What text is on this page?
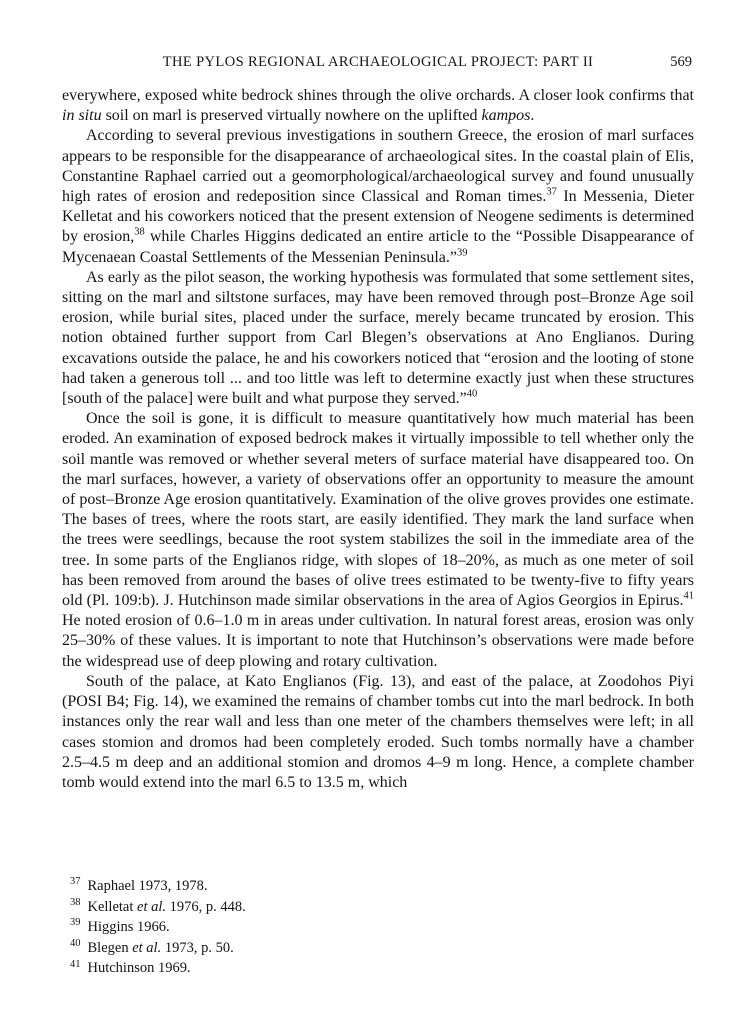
THE PYLOS REGIONAL ARCHAEOLOGICAL PROJECT: PART II	569

everywhere, exposed white bedrock shines through the olive orchards. A closer look confirms that in situ soil on marl is preserved virtually nowhere on the uplifted kampos.

According to several previous investigations in southern Greece, the erosion of marl surfaces appears to be responsible for the disappearance of archaeological sites. In the coastal plain of Elis, Constantine Raphael carried out a geomorphological/archaeological survey and found unusually high rates of erosion and redeposition since Classical and Roman times.$^{37}$ In Messenia, Dieter Kelletat and his coworkers noticed that the present extension of Neogene sediments is determined by erosion,$^{38}$ while Charles Higgins dedicated an entire article to the “Possible Disappearance of Mycenaean Coastal Settlements of the Messenian Peninsula.”$^{39}$

As early as the pilot season, the working hypothesis was formulated that some settlement sites, sitting on the marl and siltstone surfaces, may have been removed through post–Bronze Age soil erosion, while burial sites, placed under the surface, merely became truncated by erosion. This notion obtained further support from Carl Blegen’s observations at Ano Englianos. During excavations outside the palace, he and his coworkers noticed that “erosion and the looting of stone had taken a generous toll ... and too little was left to determine exactly just when these structures [south of the palace] were built and what purpose they served.”$^{40}$

Once the soil is gone, it is difficult to measure quantitatively how much material has been eroded. An examination of exposed bedrock makes it virtually impossible to tell whether only the soil mantle was removed or whether several meters of surface material have disappeared too. On the marl surfaces, however, a variety of observations offer an opportunity to measure the amount of post–Bronze Age erosion quantitatively. Examination of the olive groves provides one estimate. The bases of trees, where the roots start, are easily identified. They mark the land surface when the trees were seedlings, because the root system stabilizes the soil in the immediate area of the tree. In some parts of the Englianos ridge, with slopes of 18–20%, as much as one meter of soil has been removed from around the bases of olive trees estimated to be twenty-five to fifty years old (Pl. 109:b). J. Hutchinson made similar observations in the area of Agios Georgios in Epirus.$^{41}$ He noted erosion of 0.6–1.0 m in areas under cultivation. In natural forest areas, erosion was only 25–30% of these values. It is important to note that Hutchinson’s observations were made before the widespread use of deep plowing and rotary cultivation.

South of the palace, at Kato Englianos (Fig. 13), and east of the palace, at Zoodohos Piyi (POSI B4; Fig. 14), we examined the remains of chamber tombs cut into the marl bedrock. In both instances only the rear wall and less than one meter of the chambers themselves were left; in all cases stomion and dromos had been completely eroded. Such tombs normally have a chamber 2.5–4.5 m deep and an additional stomion and dromos 4–9 m long. Hence, a complete chamber tomb would extend into the marl 6.5 to 13.5 m, which

$^{37}$ Raphael 1973, 1978.
$^{38}$ Kelletat et al. 1976, p. 448.
$^{39}$ Higgins 1966.
$^{40}$ Blegen et al. 1973, p. 50.
$^{41}$ Hutchinson 1969.
